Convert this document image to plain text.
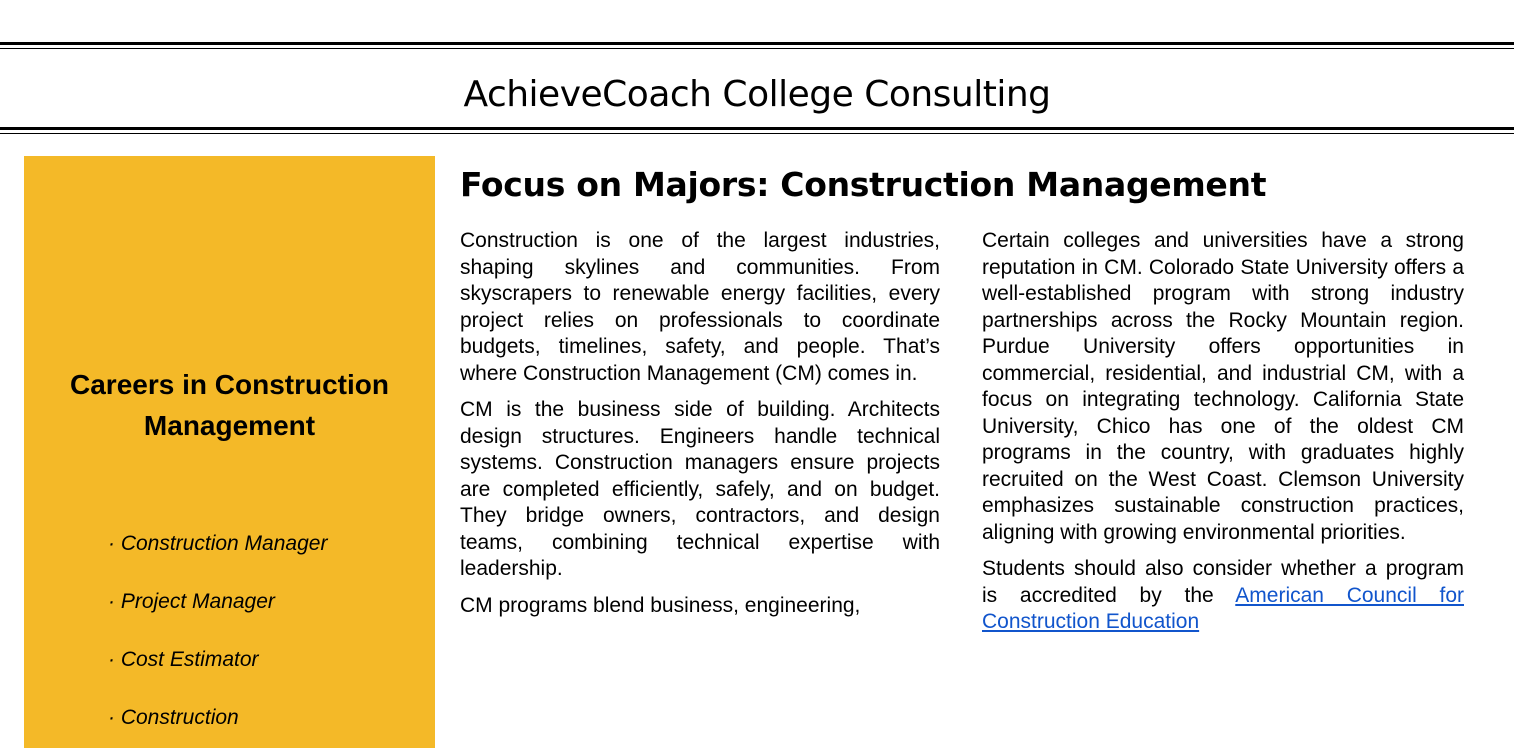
AchieveCoach College Consulting
Careers in Construction Management
· Construction Manager
· Project Manager
· Cost Estimator
· Construction
Focus on Majors: Construction Management

Construction is one of the largest industries, shaping skylines and communities. From skyscrapers to renewable energy facilities, every project relies on professionals to coordinate budgets, timelines, safety, and people. That’s where Construction Management (CM) comes in.

CM is the business side of building. Architects design structures. Engineers handle technical systems. Construction managers ensure projects are completed efficiently, safely, and on budget. They bridge owners, contractors, and design teams, combining technical expertise with leadership.

CM programs blend business, engineering,

Certain colleges and universities have a strong reputation in CM. Colorado State University offers a well-established program with strong industry partnerships across the Rocky Mountain region. Purdue University offers opportunities in commercial, residential, and industrial CM, with a focus on integrating technology. California State University, Chico has one of the oldest CM programs in the country, with graduates highly recruited on the West Coast. Clemson University emphasizes sustainable construction practices, aligning with growing environmental priorities.

Students should also consider whether a program is accredited by the American Council for Construction Education
